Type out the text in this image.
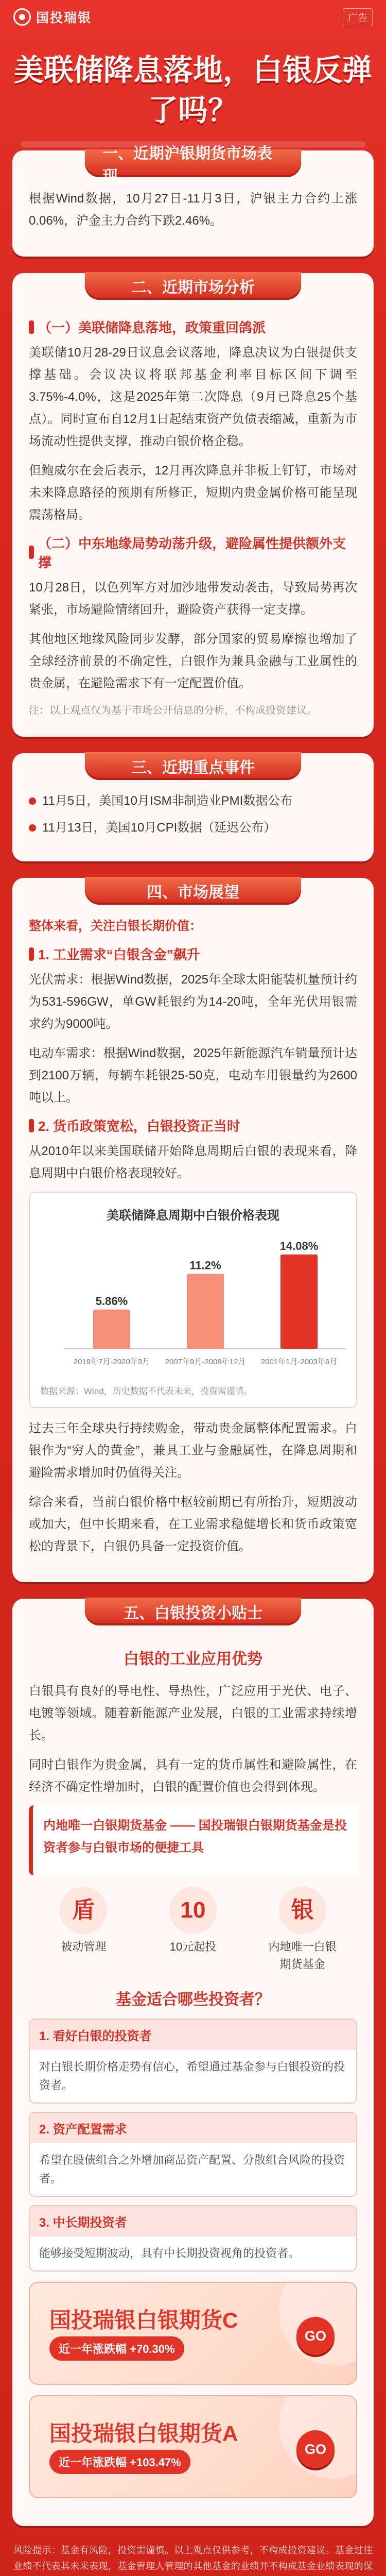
国投瑞银	广告
美联储降息落地，白银反弹了吗？
一、近期沪银期货市场表现

根据Wind数据，10月27日-11月3日，沪银主力合约上涨0.06%，沪金主力合约下跌2.46%。

二、近期市场分析
（一）美联储降息落地，政策重回鸽派

美联储10月28-29日议息会议落地，降息决议为白银提供支撑基础。会议决议将联邦基金利率目标区间下调至3.75%-4.0%，这是2025年第二次降息（9月已降息25个基点）。同时宣布自12月1日起结束资产负债表缩减，重新为市场流动性提供支撑，推动白银价格企稳。

但鲍威尔在会后表示，12月再次降息并非板上钉钉，市场对未来降息路径的预期有所修正，短期内贵金属价格可能呈现震荡格局。

（二）中东地缘局势动荡升级，避险属性提供额外支撑

10月28日，以色列军方对加沙地带发动袭击，导致局势再次紧张，市场避险情绪回升，避险资产获得一定支撑。

其他地区地缘风险同步发酵，部分国家的贸易摩擦也增加了全球经济前景的不确定性，白银作为兼具金融与工业属性的贵金属，在避险需求下有一定配置价值。

注：以上观点仅为基于市场公开信息的分析，不构成投资建议。

三、近期重点事件
11月5日，美国10月ISM非制造业PMI数据公布
11月13日，美国10月CPI数据（延迟公布）
四、市场展望

整体来看，关注白银长期价值：

1. 工业需求“白银含金”飙升

光伏需求：根据Wind数据，2025年全球太阳能装机量预计约为531-596GW，单GW耗银约为14-20吨，全年光伏用银需求约为9000吨。

电动车需求：根据Wind数据，2025年新能源汽车销量预计达到2100万辆，每辆车耗银25-50克，电动车用银量约为2600吨以上。

2. 货币政策宽松，白银投资正当时

从2010年以来美国联储开始降息周期后白银的表现来看，降息周期中白银价格表现较好。

美联储降息周期中白银价格表现
5.86%
2019年7月-2020年3月
11.2%
2007年9月-2008年12月
14.08%
2001年1月-2003年6月
数据来源：Wind，历史数据不代表未来，投资需谨慎。

过去三年全球央行持续购金，带动贵金属整体配置需求。白银作为“穷人的黄金”，兼具工业与金融属性，在降息周期和避险需求增加时仍值得关注。

综合来看，当前白银价格中枢较前期已有所抬升，短期波动或加大，但中长期来看，在工业需求稳健增长和货币政策宽松的背景下，白银仍具备一定投资价值。

五、白银投资小贴士
白银的工业应用优势

白银具有良好的导电性、导热性，广泛应用于光伏、电子、电镀等领域。随着新能源产业发展，白银的工业需求持续增长。

同时白银作为贵金属，具有一定的货币属性和避险属性，在经济不确定性增加时，白银的配置价值也会得到体现。

内地唯一白银期货基金 —— 国投瑞银白银期货基金是投资者参与白银市场的便捷工具

盾
被动管理
10
10元起投
银
内地唯一白银期货基金
基金适合哪些投资者？
1. 看好白银的投资者
对白银长期价格走势有信心，希望通过基金参与白银投资的投资者。
2. 资产配置需求
希望在股债组合之外增加商品资产配置、分散组合风险的投资者。
3. 中长期投资者
能够接受短期波动，具有中长期投资视角的投资者。
国投瑞银白银期货C
近一年涨跌幅 +70.30%
GO
国投瑞银白银期货A
近一年涨跌幅 +103.47%
GO
风险提示：基金有风险，投资需谨慎。以上观点仅供参考，不构成投资建议。基金过往业绩不代表其未来表现，基金管理人管理的其他基金的业绩并不构成基金业绩表现的保
